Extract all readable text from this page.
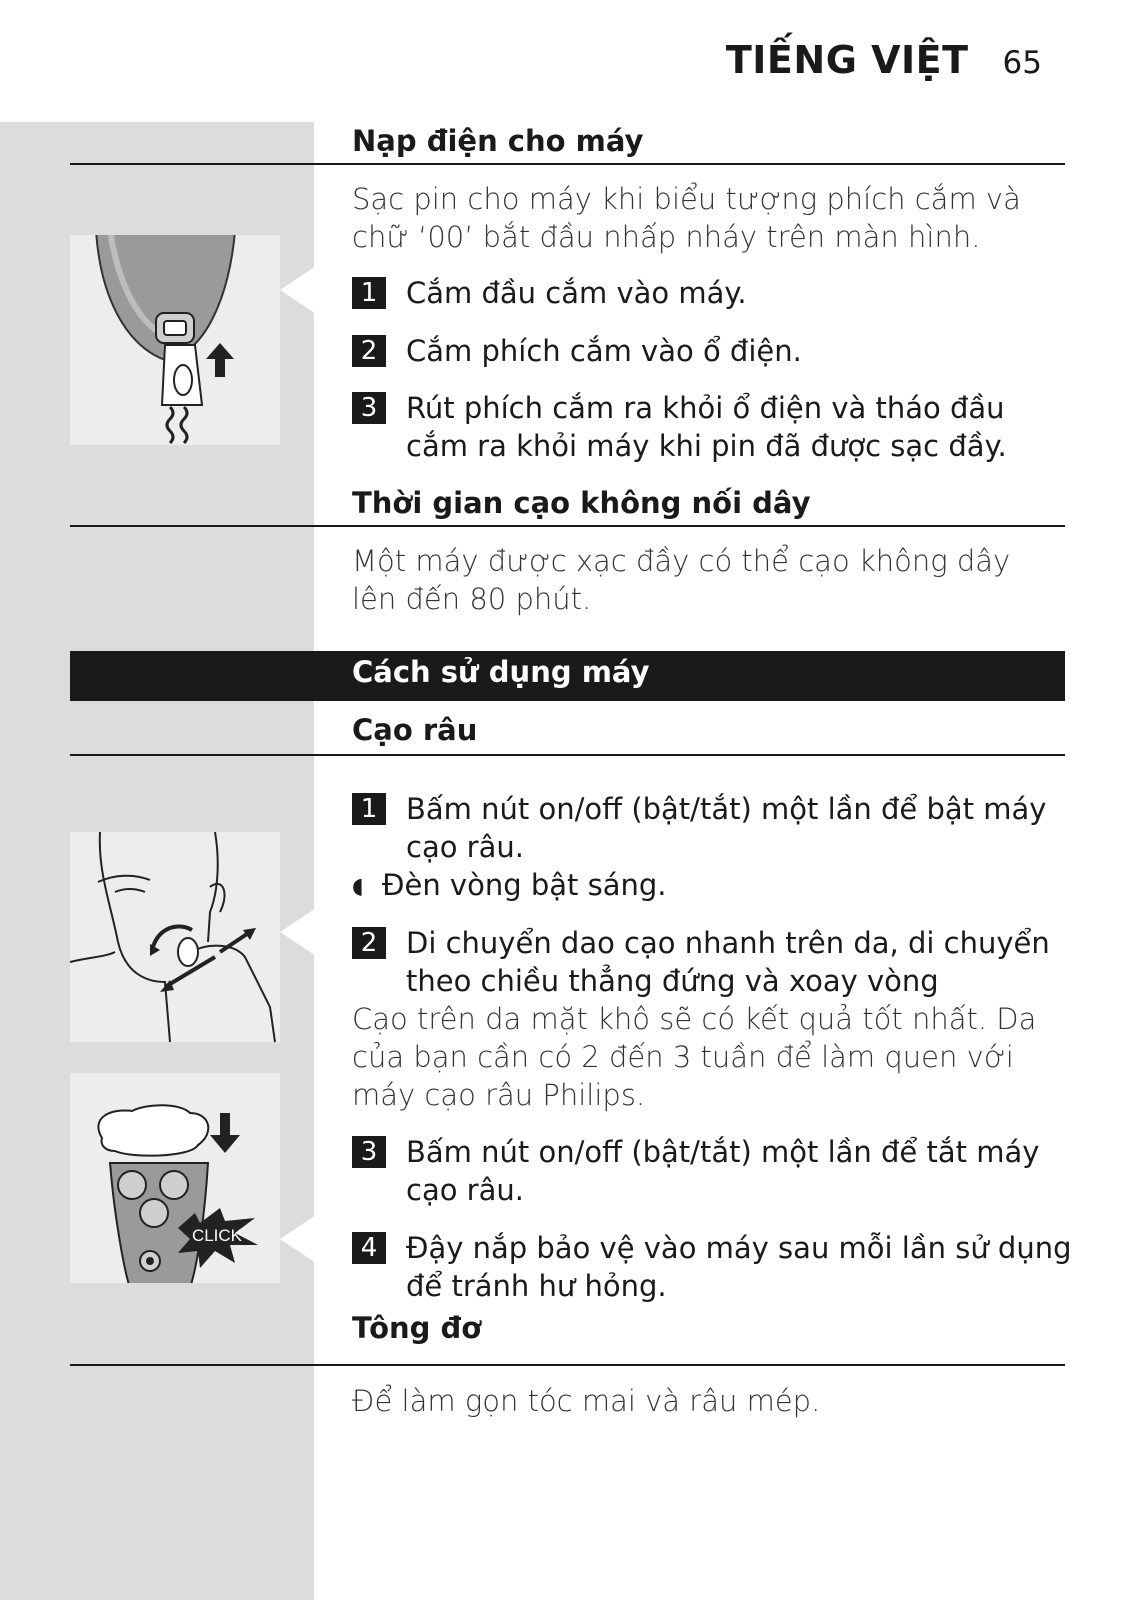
TIẾNG VIỆT 65
Nạp điện cho máy
Sạc pin cho máy khi biểu tượng phích cắm và chữ ‘00’ bắt đầu nhấp nháy trên màn hình.
1 Cắm đầu cắm vào máy.
2 Cắm phích cắm vào ổ điện.
3 Rút phích cắm ra khỏi ổ điện và tháo đầu cắm ra khỏi máy khi pin đã được sạc đầy.
Thời gian cạo không nối dây
Một máy được xạc đầy có thể cạo không dây lên đến 80 phút.
Cách sử dụng máy
Cạo râu
1 Bấm nút on/off (bật/tắt) một lần để bật máy cạo râu.
◖ Đèn vòng bật sáng.
2 Di chuyển dao cạo nhanh trên da, di chuyển theo chiều thẳng đứng và xoay vòng
Cạo trên da mặt khô sẽ có kết quả tốt nhất. Da của bạn cần có 2 đến 3 tuần để làm quen với máy cạo râu Philips.
3 Bấm nút on/off (bật/tắt) một lần để tắt máy cạo râu.
4 Đậy nắp bảo vệ vào máy sau mỗi lần sử dụng để tránh hư hỏng.
CLICK
Tông đơ
Để làm gọn tóc mai và râu mép.
